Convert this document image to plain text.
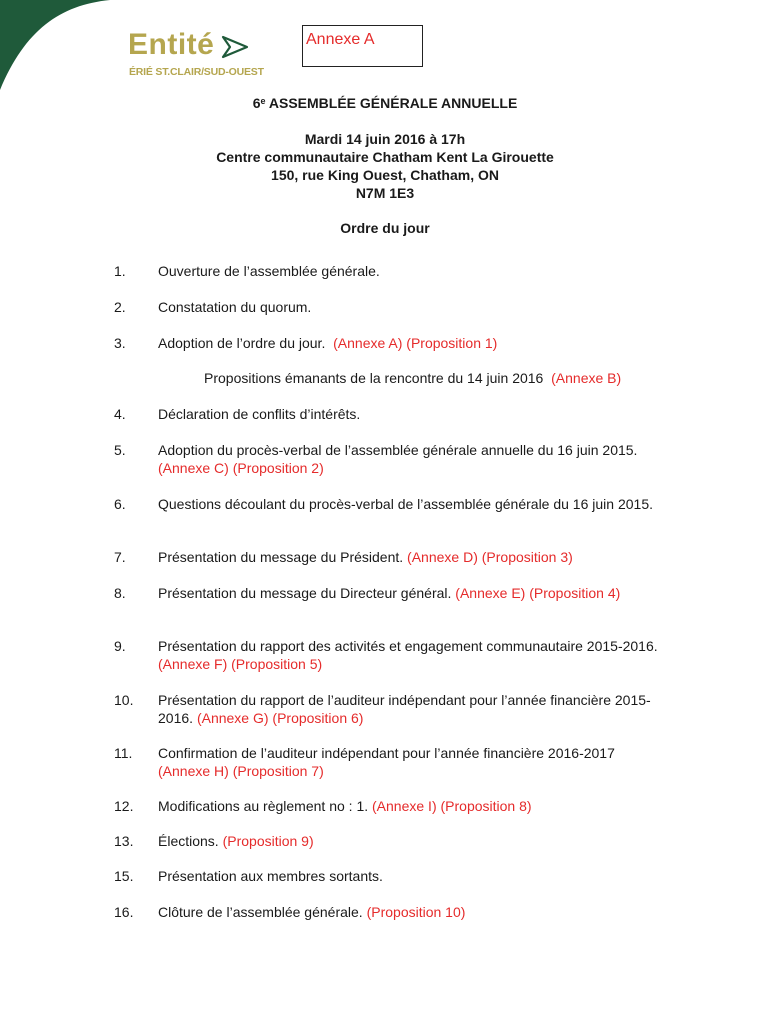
Entité
ÉRIÉ ST.CLAIR/SUD-OUEST
Annexe A
6e ASSEMBLÉE GÉNÉRALE ANNUELLE
Mardi 14 juin 2016 à 17h
Centre communautaire Chatham Kent La Girouette
150, rue King Ouest, Chatham, ON
N7M 1E3
Ordre du jour
1. Ouverture de l’assemblée générale.
2. Constatation du quorum.
3. Adoption de l’ordre du jour. (Annexe A) (Proposition 1)
Propositions émanants de la rencontre du 14 juin 2016 (Annexe B)
4. Déclaration de conflits d’intérêts.
5. Adoption du procès-verbal de l’assemblée générale annuelle du 16 juin 2015. (Annexe C) (Proposition 2)
6. Questions découlant du procès-verbal de l’assemblée générale du 16 juin 2015.
7. Présentation du message du Président. (Annexe D) (Proposition 3)
8. Présentation du message du Directeur général. (Annexe E) (Proposition 4)
9. Présentation du rapport des activités et engagement communautaire 2015-2016. (Annexe F) (Proposition 5)
10. Présentation du rapport de l’auditeur indépendant pour l’année financière 2015-2016. (Annexe G) (Proposition 6)
11. Confirmation de l’auditeur indépendant pour l’année financière 2016-2017
(Annexe H) (Proposition 7)
12. Modifications au règlement no : 1. (Annexe I) (Proposition 8)
13. Élections. (Proposition 9)
15. Présentation aux membres sortants.
16. Clôture de l’assemblée générale. (Proposition 10)
